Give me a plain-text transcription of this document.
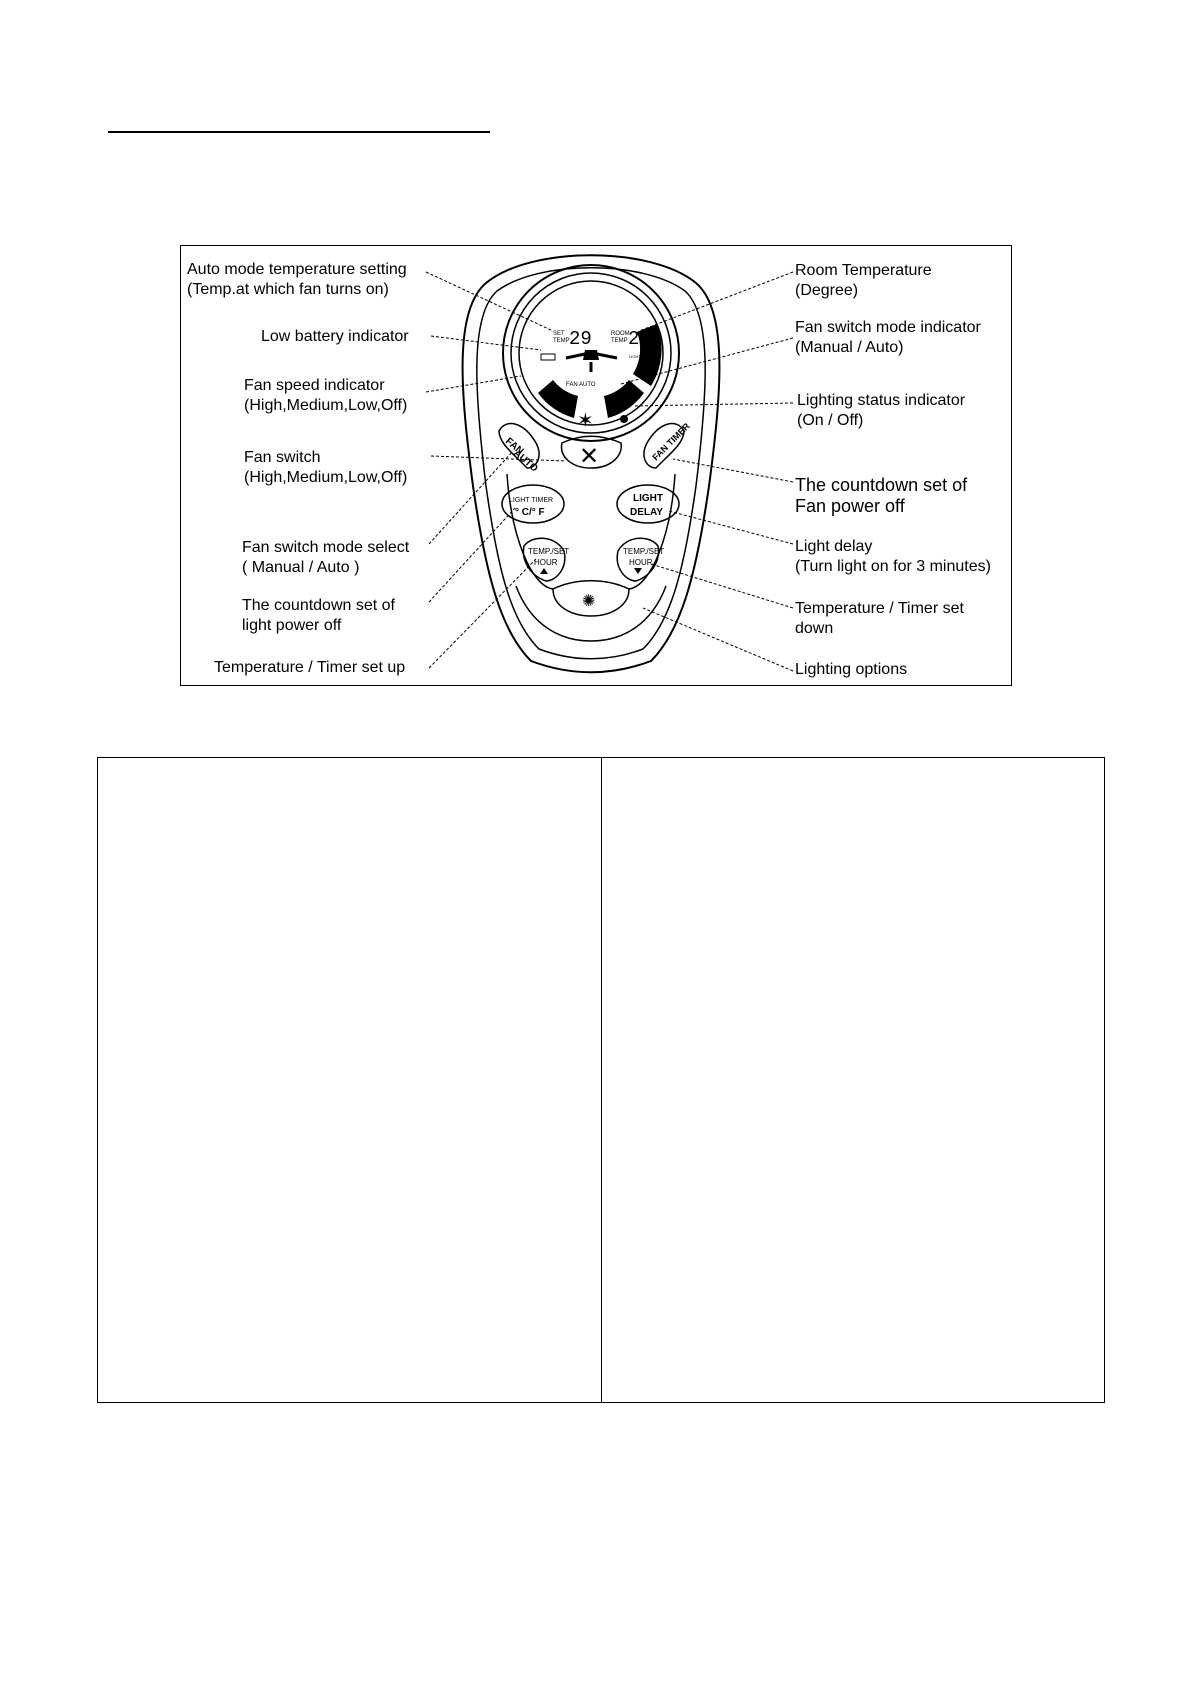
SET
TEMP 29	ROOM
TEMP 28
FAN AUTO
LIGHT DELAY
✶
FAN
AUTO ✕	FAN TIMER
LIGHT TIMER
° C/° F
LIGHT
DELAY
TEMP./SET
HOUR
TEMP./SET
HOUR
✺
Auto mode temperature setting
(Temp.at which fan turns on)
Low battery indicator
Fan speed indicator
(High,Medium,Low,Off)
Fan switch
(High,Medium,Low,Off)
Fan switch mode select
( Manual / Auto )
The countdown set of
light power off
Temperature / Timer set up
Room Temperature
(Degree)
Fan switch mode indicator
(Manual / Auto)
Lighting status indicator
(On / Off)
The countdown set of
Fan power off
Light delay
(Turn light on for 3 minutes)
Temperature / Timer set
down
Lighting options
